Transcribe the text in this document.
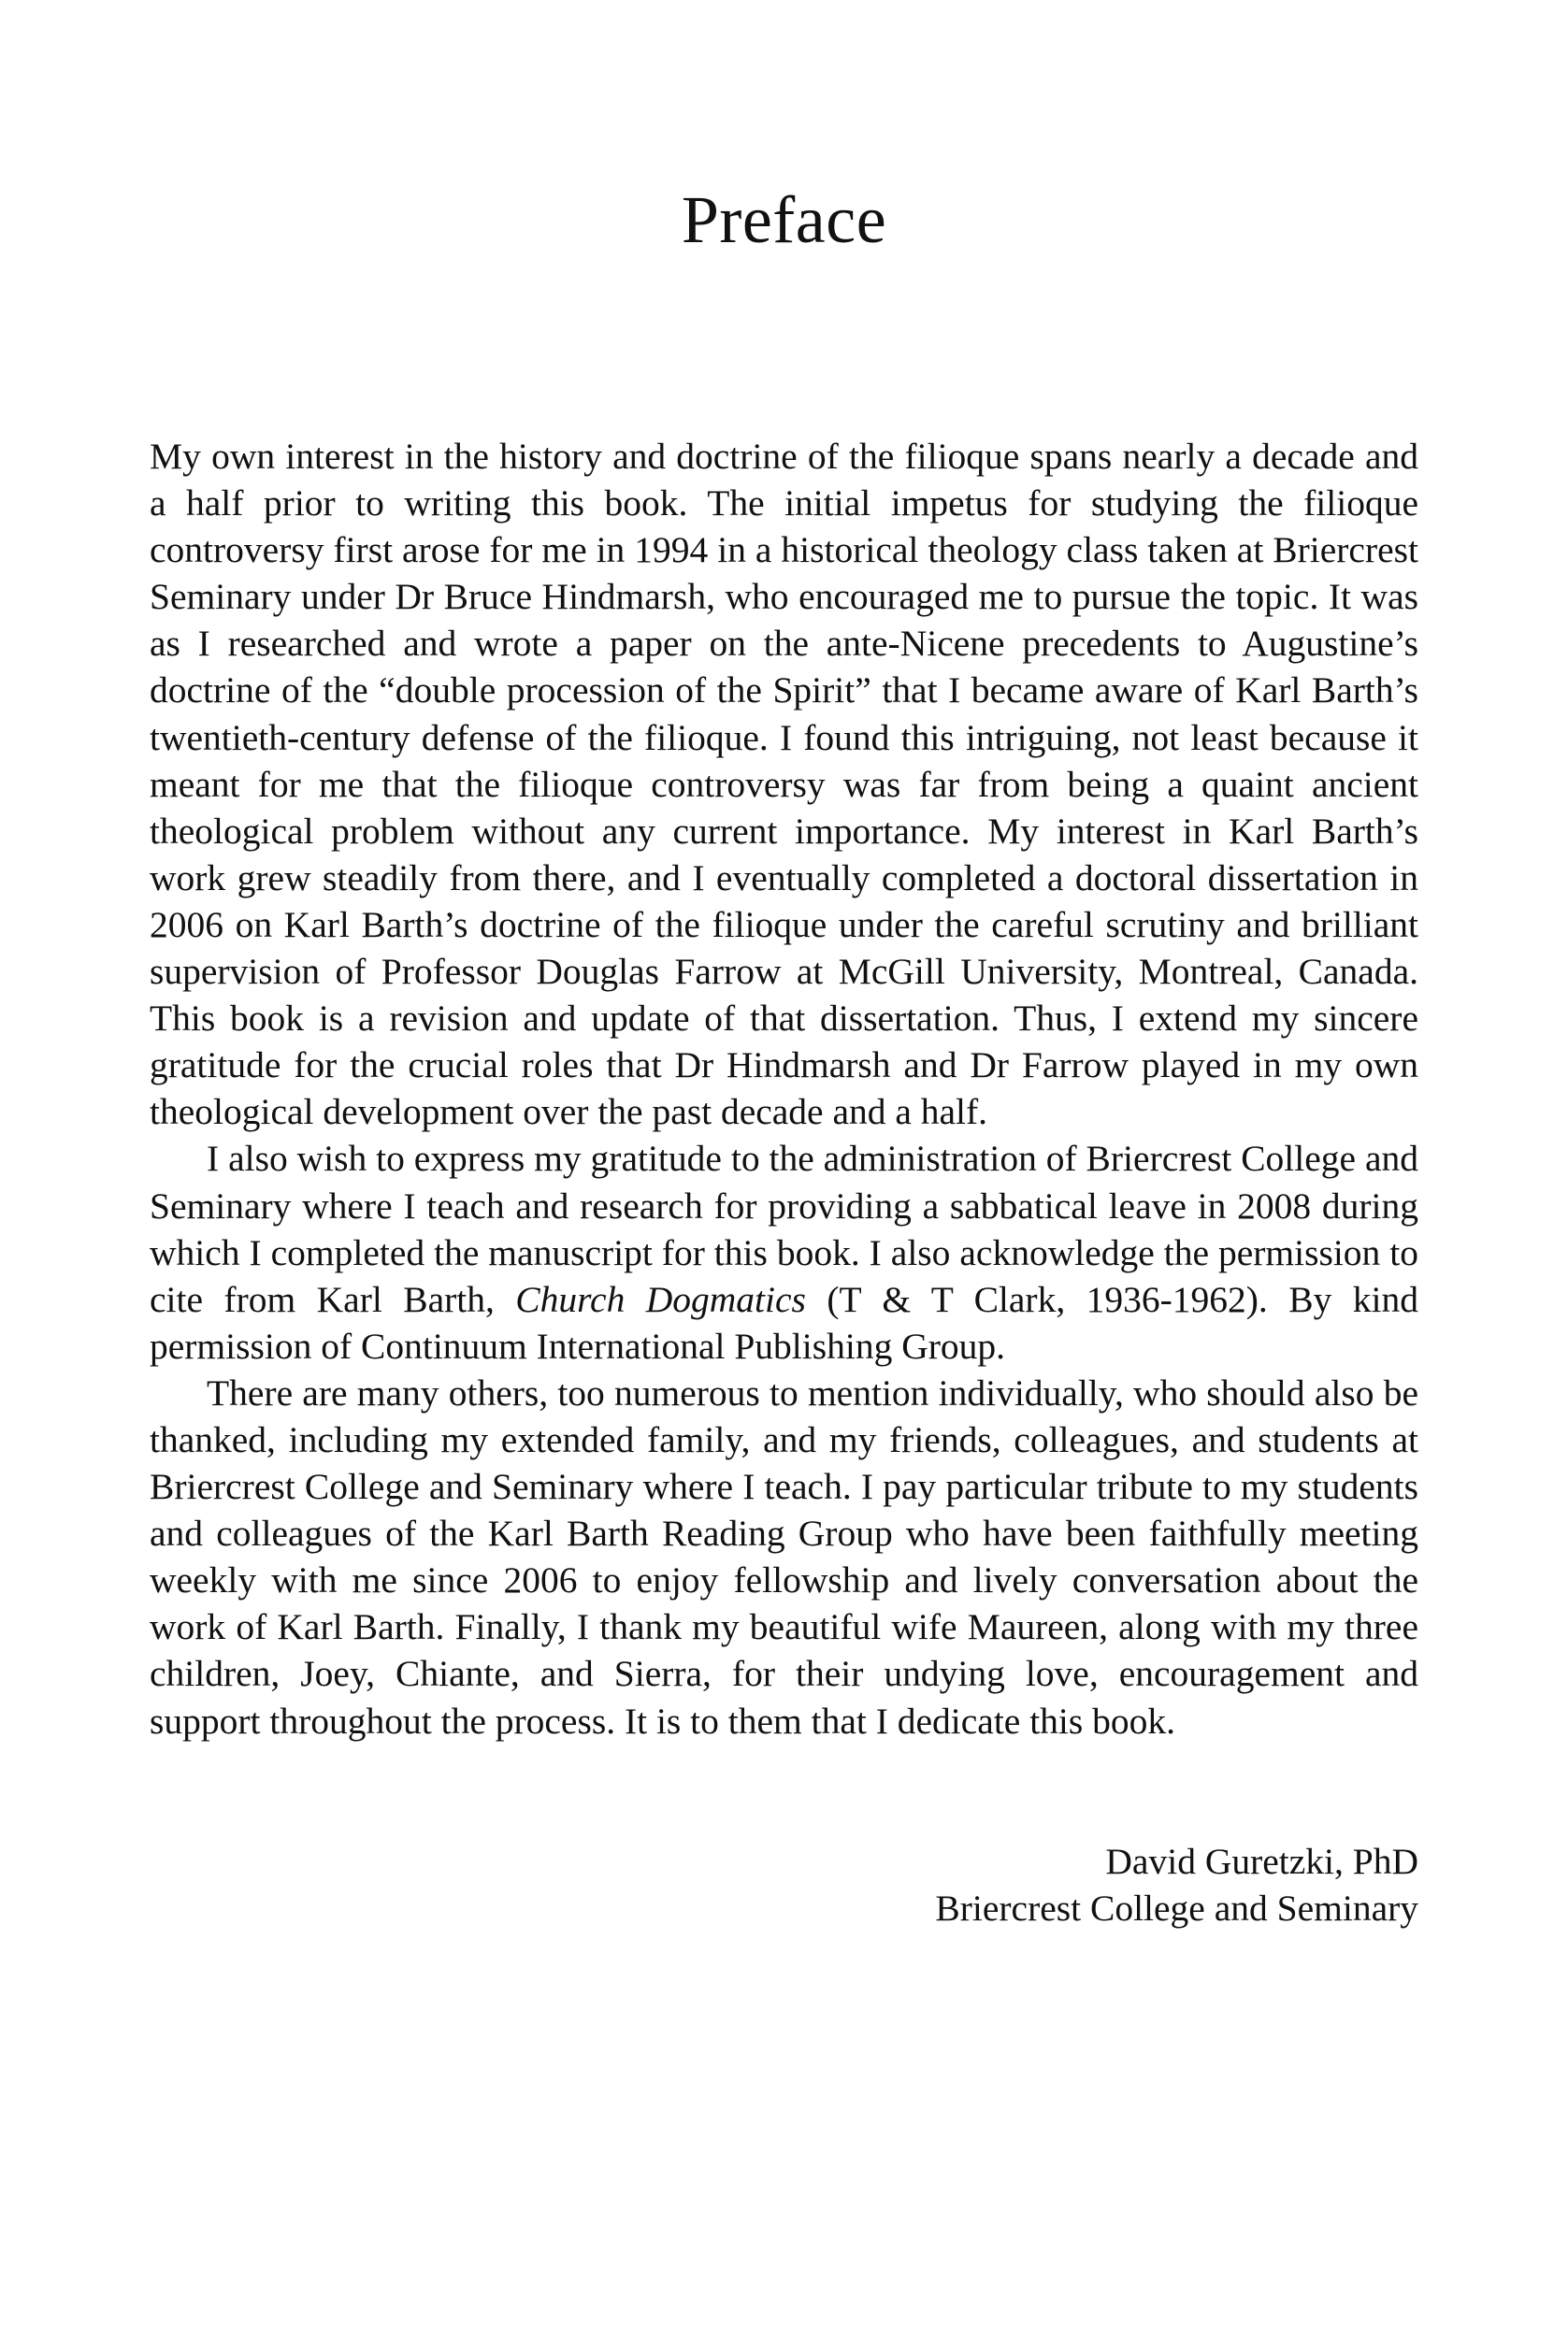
Preface

My own interest in the history and doctrine of the filioque spans nearly a decade and a half prior to writing this book. The initial impetus for studying the filioque controversy first arose for me in 1994 in a historical theology class taken at Briercrest Seminary under Dr Bruce Hindmarsh, who encouraged me to pursue the topic. It was as I researched and wrote a paper on the ante-Nicene precedents to Augustine’s doctrine of the “double procession of the Spirit” that I became aware of Karl Barth’s twentieth-century defense of the filioque. I found this intriguing, not least because it meant for me that the filioque controversy was far from being a quaint ancient theological problem without any current importance. My interest in Karl Barth’s work grew steadily from there, and I eventually completed a doctoral dissertation in 2006 on Karl Barth’s doctrine of the filioque under the careful scrutiny and brilliant supervision of Professor Douglas Farrow at McGill University, Montreal, Canada. This book is a revision and update of that dissertation. Thus, I extend my sincere gratitude for the crucial roles that Dr Hindmarsh and Dr Farrow played in my own theological development over the past decade and a half.

I also wish to express my gratitude to the administration of Briercrest College and Seminary where I teach and research for providing a sabbatical leave in 2008 during which I completed the manuscript for this book. I also acknowledge the permission to cite from Karl Barth, Church Dogmatics (T & T Clark, 1936-1962). By kind permission of Continuum International Publishing Group.

There are many others, too numerous to mention individually, who should also be thanked, including my extended family, and my friends, colleagues, and students at Briercrest College and Seminary where I teach. I pay particular tribute to my students and colleagues of the Karl Barth Reading Group who have been faithfully meeting weekly with me since 2006 to enjoy fellowship and lively conversation about the work of Karl Barth. Finally, I thank my beautiful wife Maureen, along with my three children, Joey, Chiante, and Sierra, for their undying love, encouragement and support throughout the process. It is to them that I dedicate this book.

David Guretzki, PhD
Briercrest College and Seminary
